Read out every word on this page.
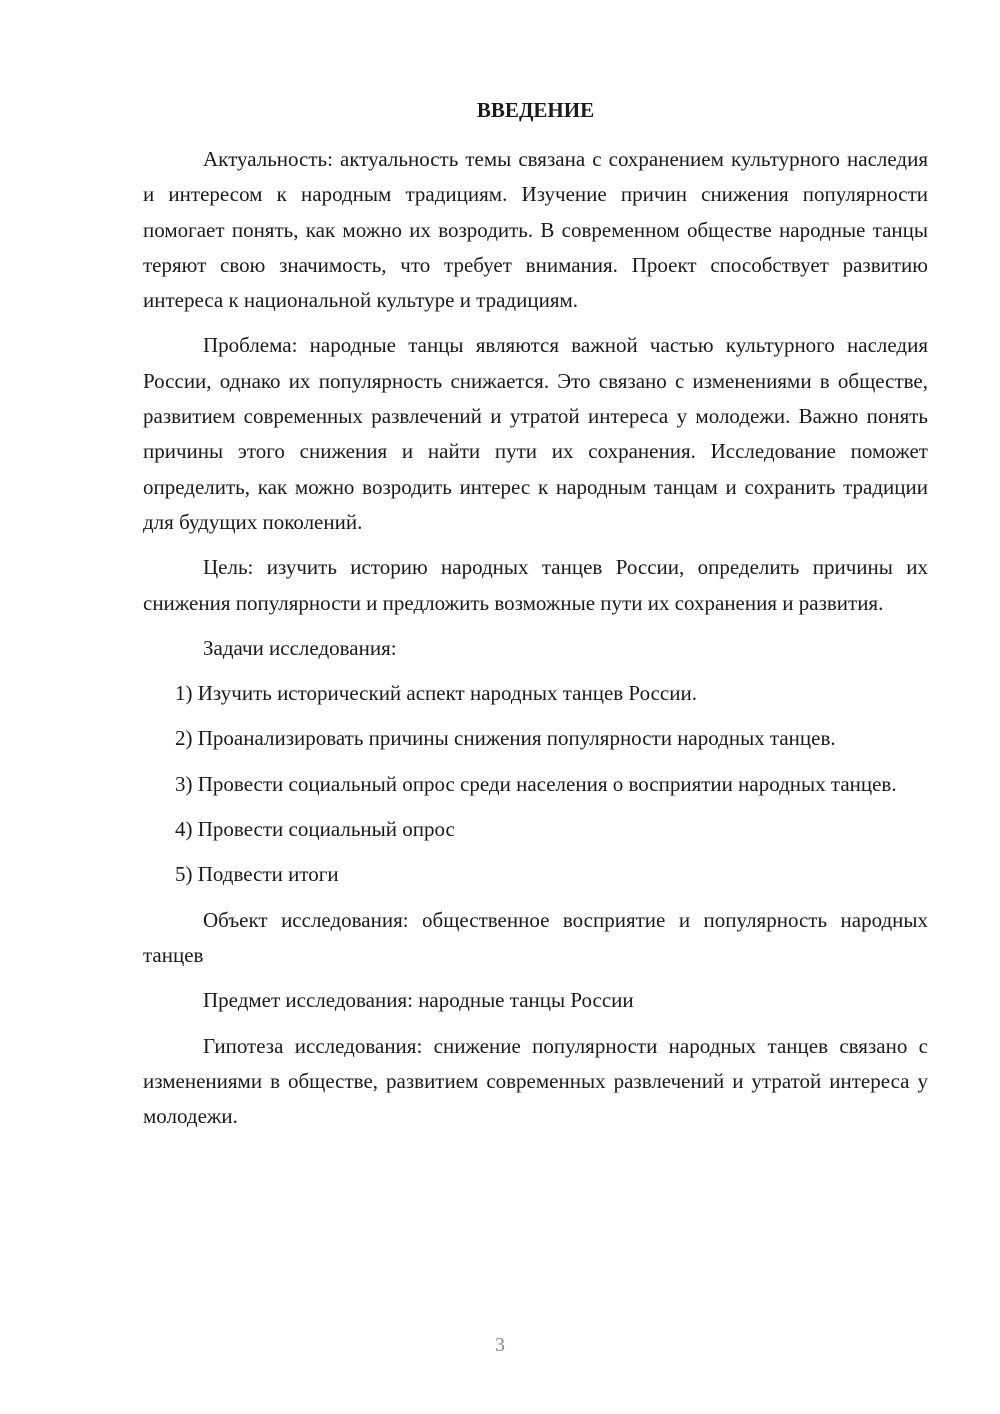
ВВЕДЕНИЕ

Актуальность: актуальность темы связана с сохранением культурного наследия и интересом к народным традициям. Изучение причин снижения популярности помогает понять, как можно их возродить. В современном обществе народные танцы теряют свою значимость, что требует внимания. Проект способствует развитию интереса к национальной культуре и традициям.

Проблема: народные танцы являются важной частью культурного наследия России, однако их популярность снижается. Это связано с изменениями в обществе, развитием современных развлечений и утратой интереса у молодежи. Важно понять причины этого снижения и найти пути их сохранения. Исследование поможет определить, как можно возродить интерес к народным танцам и сохранить традиции для будущих поколений.

Цель: изучить историю народных танцев России, определить причины их снижения популярности и предложить возможные пути их сохранения и развития.

Задачи исследования:

1) Изучить исторический аспект народных танцев России.

2) Проанализировать причины снижения популярности народных танцев.

3) Провести социальный опрос среди населения о восприятии народных танцев.

4) Провести социальный опрос

5) Подвести итоги

Объект исследования: общественное восприятие и популярность народных танцев

Предмет исследования: народные танцы России

Гипотеза исследования: снижение популярности народных танцев связано с изменениями в обществе, развитием современных развлечений и утратой интереса у молодежи.

3
